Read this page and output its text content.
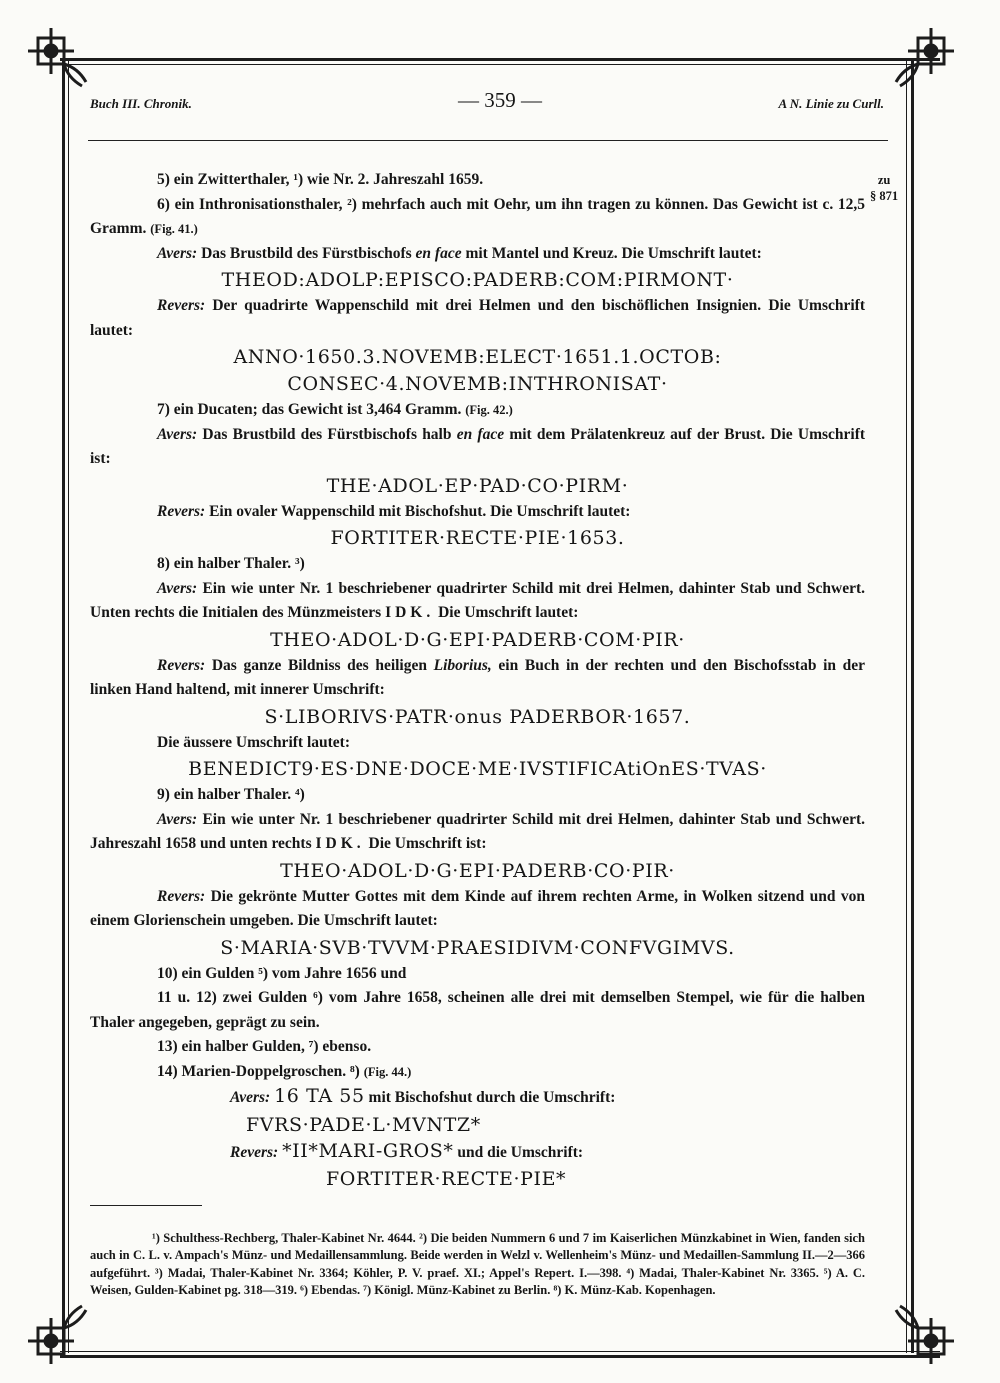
Buch III. Chronik.	— 359 —	A N. Linie zu Curll.
zu
§ 871

5) ein Zwitterthaler, ¹) wie Nr. 2. Jahreszahl 1659.

6) ein Inthronisationsthaler, ²) mehrfach auch mit Oehr, um ihn tragen zu können. Das Gewicht ist c. 12,5 Gramm. (Fig. 41.)

Avers: Das Brustbild des Fürstbischofs en face mit Mantel und Kreuz. Die Umschrift lautet:

THEOD:ADOLP:EPISCO:PADERB:COM:PIRMONT·

Revers: Der quadrirte Wappenschild mit drei Helmen und den bischöflichen Insignien. Die Umschrift lautet:

ANNO·1650.3.NOVEMB:ELECT·1651.1.OCTOB:
CONSEC·4.NOVEMB:INTHRONISAT·

7) ein Ducaten; das Gewicht ist 3,464 Gramm. (Fig. 42.)

Avers: Das Brustbild des Fürstbischofs halb en face mit dem Prälatenkreuz auf der Brust. Die Umschrift ist:

THE·ADOL·EP·PAD·CO·PIRM·

Revers: Ein ovaler Wappenschild mit Bischofshut. Die Umschrift lautet:

FORTITER·RECTE·PIE·1653.

8) ein halber Thaler. ³)

Avers: Ein wie unter Nr. 1 beschriebener quadrirter Schild mit drei Helmen, dahinter Stab und Schwert. Unten rechts die Initialen des Münzmeisters IDK. Die Umschrift lautet:

THEO·ADOL·D·G·EPI·PADERB·COM·PIR·

Revers: Das ganze Bildniss des heiligen Liborius, ein Buch in der rechten und den Bischofsstab in der linken Hand haltend, mit innerer Umschrift:

S·LIBORIVS·PATR·onus PADERBOR·1657.

Die äussere Umschrift lautet:

BENEDICT9·ES·DNE·DOCE·ME·IVSTIFICAtiOnES·TVAS·

9) ein halber Thaler. ⁴)

Avers: Ein wie unter Nr. 1 beschriebener quadrirter Schild mit drei Helmen, dahinter Stab und Schwert. Jahreszahl 1658 und unten rechts IDK. Die Umschrift ist:

THEO·ADOL·D·G·EPI·PADERB·CO·PIR·

Revers: Die gekrönte Mutter Gottes mit dem Kinde auf ihrem rechten Arme, in Wolken sitzend und von einem Glorienschein umgeben. Die Umschrift lautet:

S·MARIA·SVB·TVVM·PRAESIDIVM·CONFVGIMVS.

10) ein Gulden ⁵) vom Jahre 1656 und

11 u. 12) zwei Gulden ⁶) vom Jahre 1658, scheinen alle drei mit demselben Stempel, wie für die halben Thaler angegeben, geprägt zu sein.

13) ein halber Gulden, ⁷) ebenso.

14) Marien-Doppelgroschen. ⁸) (Fig. 44.)

Avers: 16 TA 55 mit Bischofshut durch die Umschrift:

FVRS·PADE·L·MVNTZ*

Revers: *II*MARI-GROS* und die Umschrift:

FORTITER·RECTE·PIE*

¹) Schulthess-Rechberg, Thaler-Kabinet Nr. 4644. ²) Die beiden Nummern 6 und 7 im Kaiserlichen Münzkabinet in Wien, fanden sich auch in C. L. v. Ampach's Münz- und Medaillensammlung. Beide werden in Welzl v. Wellenheim's Münz- und Medaillen-Sammlung II.—2—366 aufgeführt. ³) Madai, Thaler-Kabinet Nr. 3364; Köhler, P. V. praef. XI.; Appel's Repert. I.—398. ⁴) Madai, Thaler-Kabinet Nr. 3365. ⁵) A. C. Weisen, Gulden-Kabinet pg. 318—319. ⁶) Ebendas. ⁷) Königl. Münz-Kabinet zu Berlin. ⁸) K. Münz-Kab. Kopenhagen.
